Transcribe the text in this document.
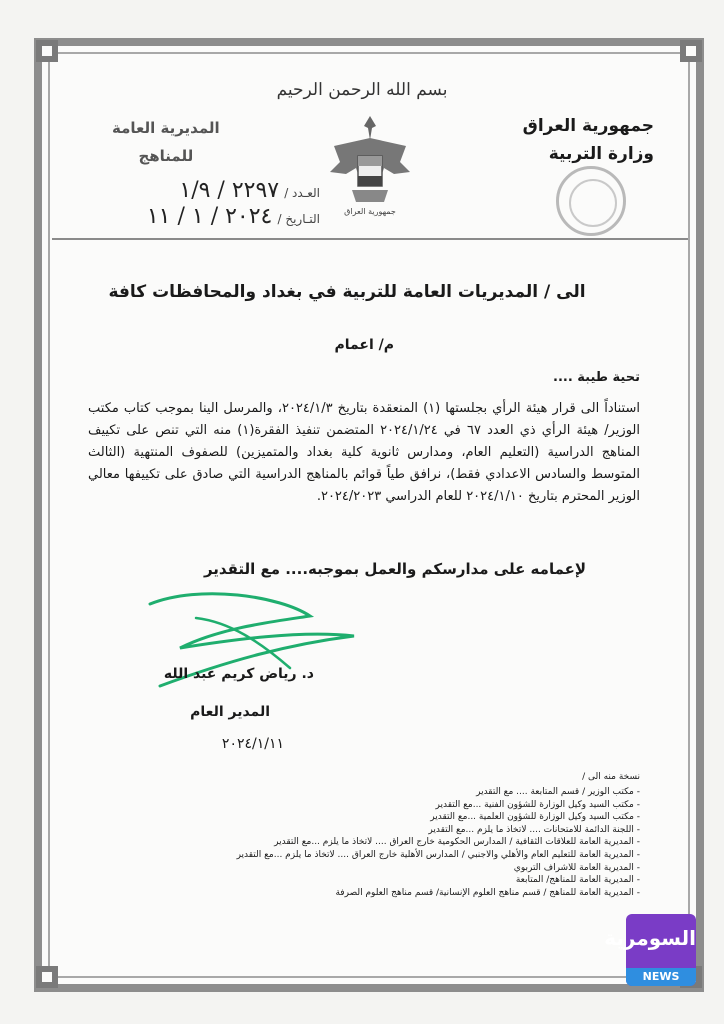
بسم الله الرحمن الرحيم
جمهورية العراق
وزارة التربية
المديرية العامة
للمناهج
جمهورية العراق
العـدد / ٢٢٩٧ / ١/٩
التـاريخ / ٢٠٢٤ / ١ / ١١
الى / المديريات العامة للتربية في بغداد والمحافظات كافة
م/ اعمام
تحية طيبة ....
استناداً الى قرار هيئة الرأي بجلستها (١) المنعقدة بتاريخ ٢٠٢٤/١/٣، والمرسل الينا بموجب كتاب مكتب الوزير/ هيئة الرأي ذي العدد ٦٧ في ٢٠٢٤/١/٢٤ المتضمن تنفيذ الفقرة(١) منه التي تنص على تكييف المناهج الدراسية (التعليم العام، ومدارس ثانوية كلية بغداد والمتميزين) للصفوف المنتهية (الثالث المتوسط والسادس الاعدادي فقط)، نرافق طياً قوائم بالمناهج الدراسية التي صادق على تكييفها معالي الوزير المحترم بتاريخ ٢٠٢٤/١/١٠ للعام الدراسي ٢٠٢٤/٢٠٢٣.
لإعمامه على مدارسكم والعمل بموجبه.... مع التقدير
د. رياض كريم عبد الله
المدير العام
٢٠٢٤/١/١١
نسخة منه الى /
- مكتب الوزير / قسم المتابعة .... مع التقدير
- مكتب السيد وكيل الوزارة للشؤون الفنية ...مع التقدير
- مكتب السيد وكيل الوزارة للشؤون العلمية ...مع التقدير
- اللجنة الدائمة للامتحانات .... لاتخاذ ما يلزم ...مع التقدير
- المديرية العامة للعلاقات الثقافية / المدارس الحكومية خارج العراق .... لاتخاذ ما يلزم ...مع التقدير
- المديرية العامة للتعليم العام والأهلي والاجنبي / المدارس الأهلية خارج العراق .... لاتخاذ ما يلزم ...مع التقدير
- المديرية العامة للاشراف التربوي
- المديرية العامة للمناهج/ المتابعة
- المديرية العامة للمناهج / قسم مناهج العلوم الإنسانية/ قسم مناهج العلوم الصرفة
السومرية
NEWS
